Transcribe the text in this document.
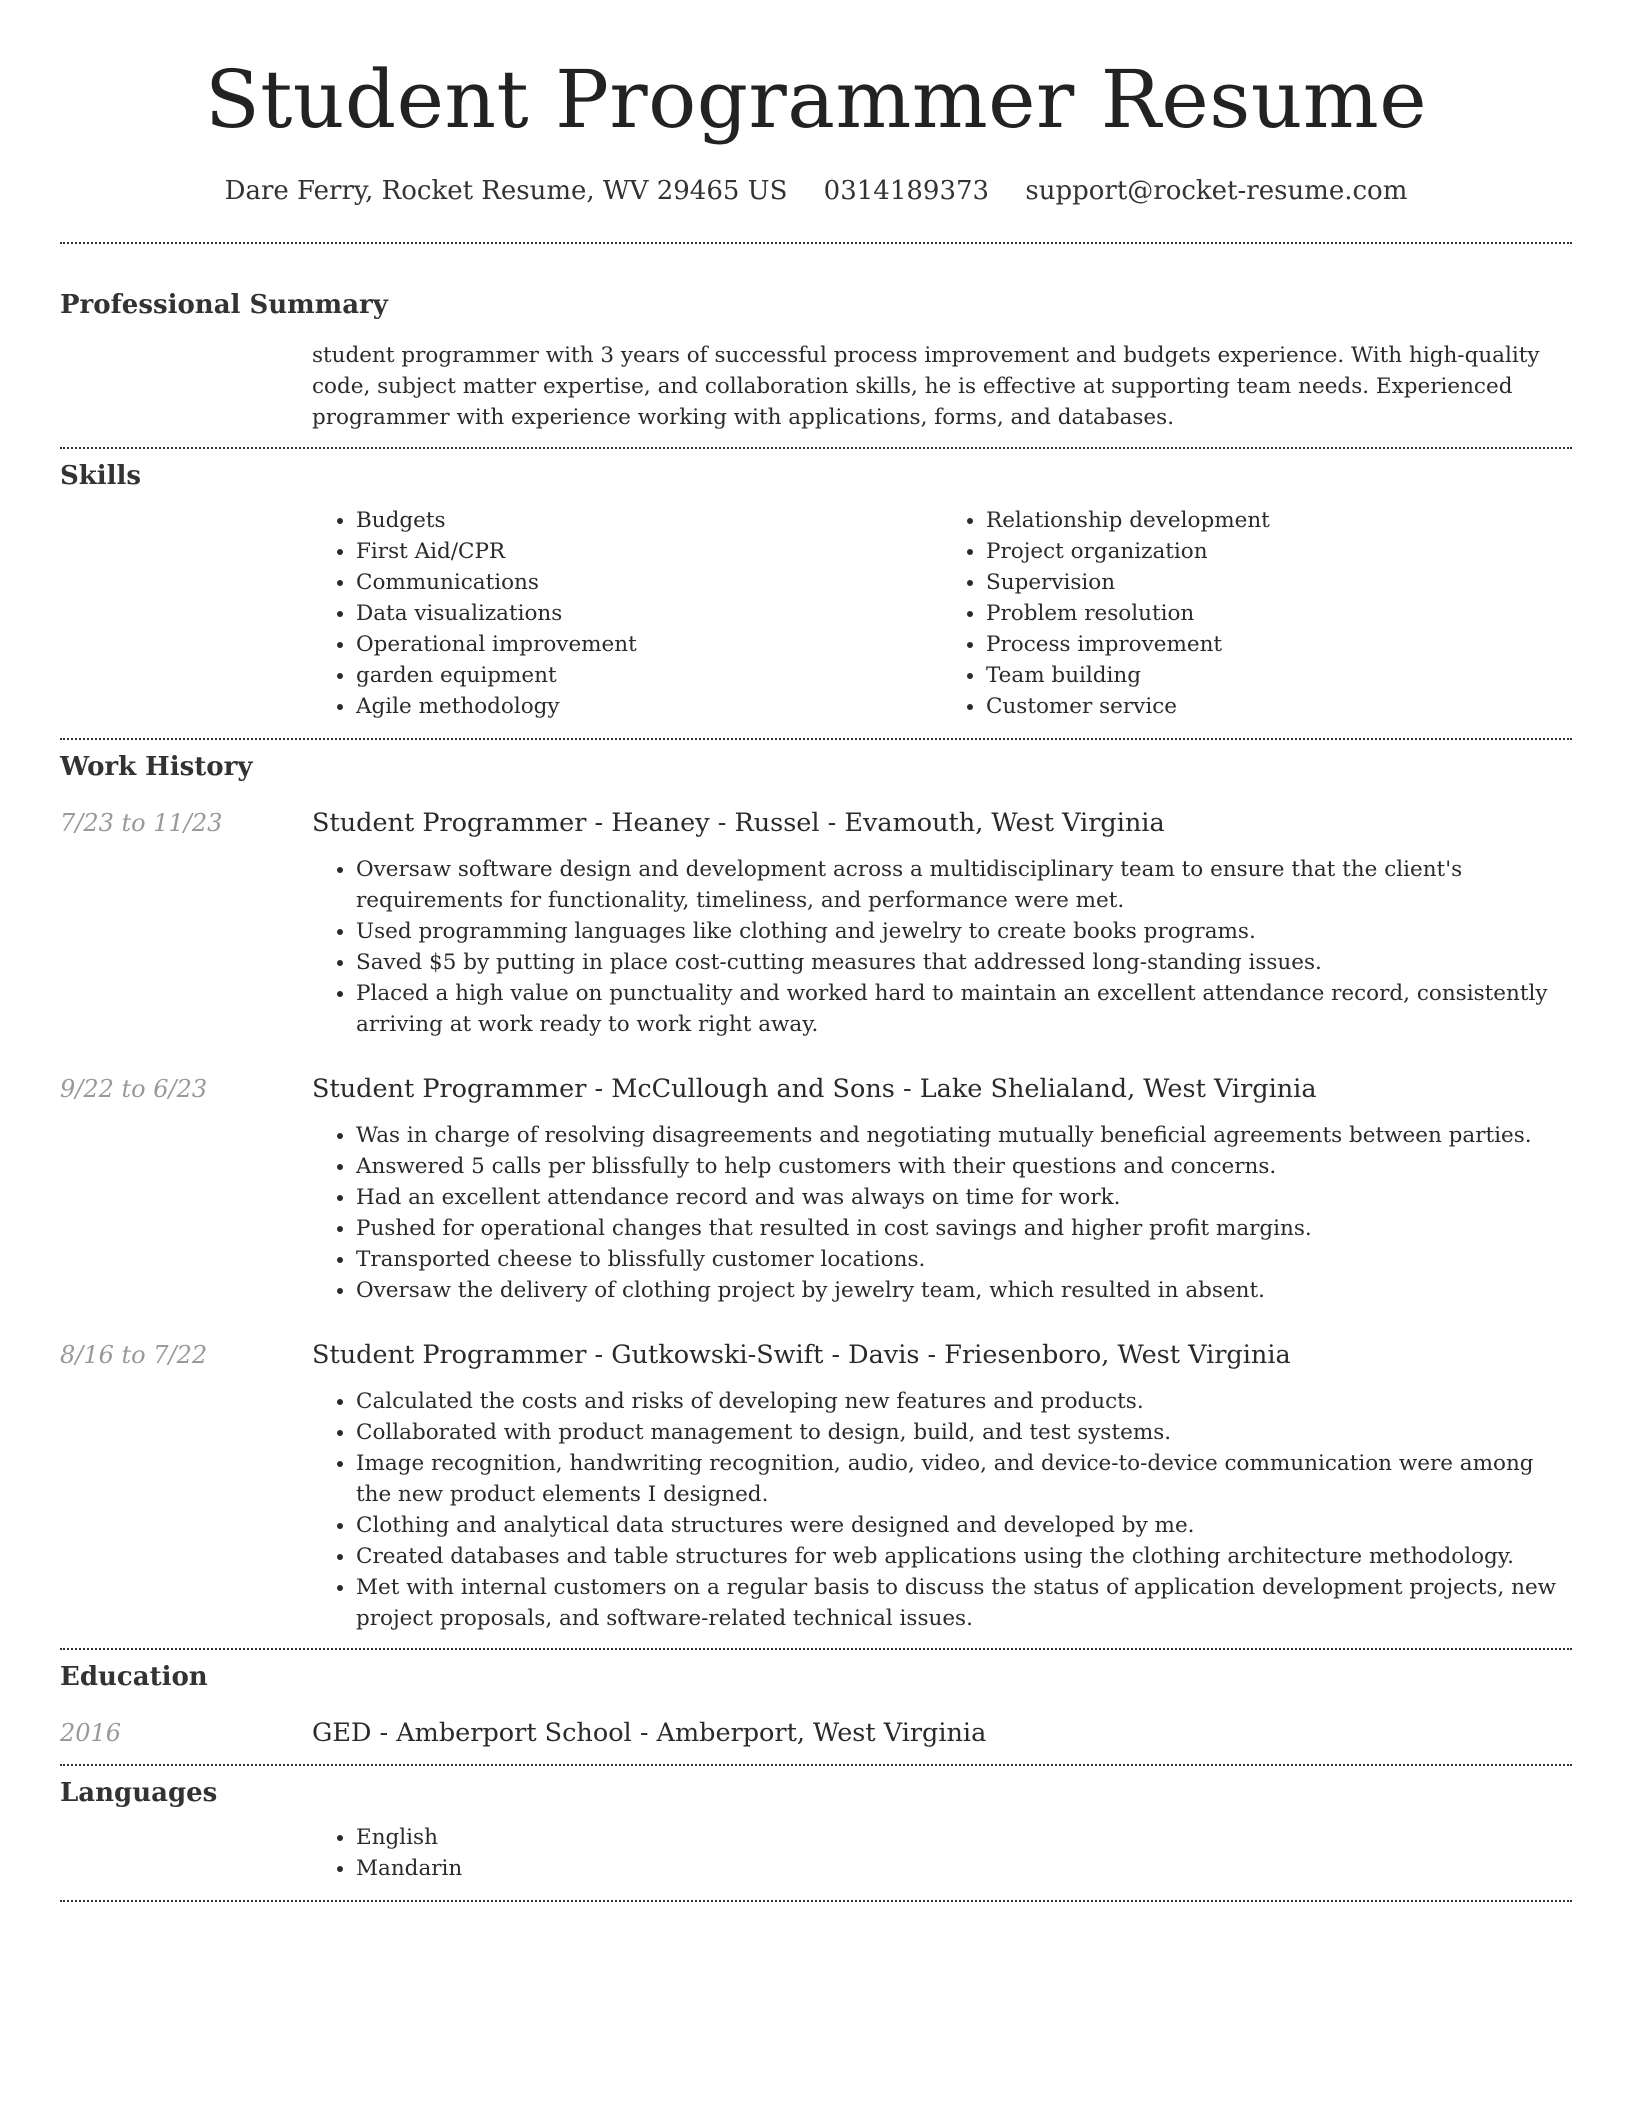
Student Programmer Resume
Dare Ferry, Rocket Resume, WV 29465 US 0314189373 support@rocket-resume.com
Professional Summary
student programmer with 3 years of successful process improvement and budgets experience. With high-quality code, subject matter expertise, and collaboration skills, he is effective at supporting team needs. Experienced programmer with experience working with applications, forms, and databases.
Skills
• Budgets
• First Aid/CPR
• Communications
• Data visualizations
• Operational improvement
• garden equipment
• Agile methodology
• Relationship development
• Project organization
• Supervision
• Problem resolution
• Process improvement
• Team building
• Customer service
Work History
7/23 to 11/23	Student Programmer - Heaney - Russel - Evamouth, West Virginia
• Oversaw software design and development across a multidisciplinary team to ensure that the client's requirements for functionality, timeliness, and performance were met.
• Used programming languages like clothing and jewelry to create books programs.
• Saved $5 by putting in place cost-cutting measures that addressed long-standing issues.
• Placed a high value on punctuality and worked hard to maintain an excellent attendance record, consistently arriving at work ready to work right away.
9/22 to 6/23	Student Programmer - McCullough and Sons - Lake Shelialand, West Virginia
• Was in charge of resolving disagreements and negotiating mutually beneficial agreements between parties.
• Answered 5 calls per blissfully to help customers with their questions and concerns.
• Had an excellent attendance record and was always on time for work.
• Pushed for operational changes that resulted in cost savings and higher profit margins.
• Transported cheese to blissfully customer locations.
• Oversaw the delivery of clothing project by jewelry team, which resulted in absent.
8/16 to 7/22	Student Programmer - Gutkowski-Swift - Davis - Friesenboro, West Virginia
• Calculated the costs and risks of developing new features and products.
• Collaborated with product management to design, build, and test systems.
• Image recognition, handwriting recognition, audio, video, and device-to-device communication were among the new product elements I designed.
• Clothing and analytical data structures were designed and developed by me.
• Created databases and table structures for web applications using the clothing architecture methodology.
• Met with internal customers on a regular basis to discuss the status of application development projects, new project proposals, and software-related technical issues.
Education
2016	GED - Amberport School - Amberport, West Virginia
Languages
• English
• Mandarin
